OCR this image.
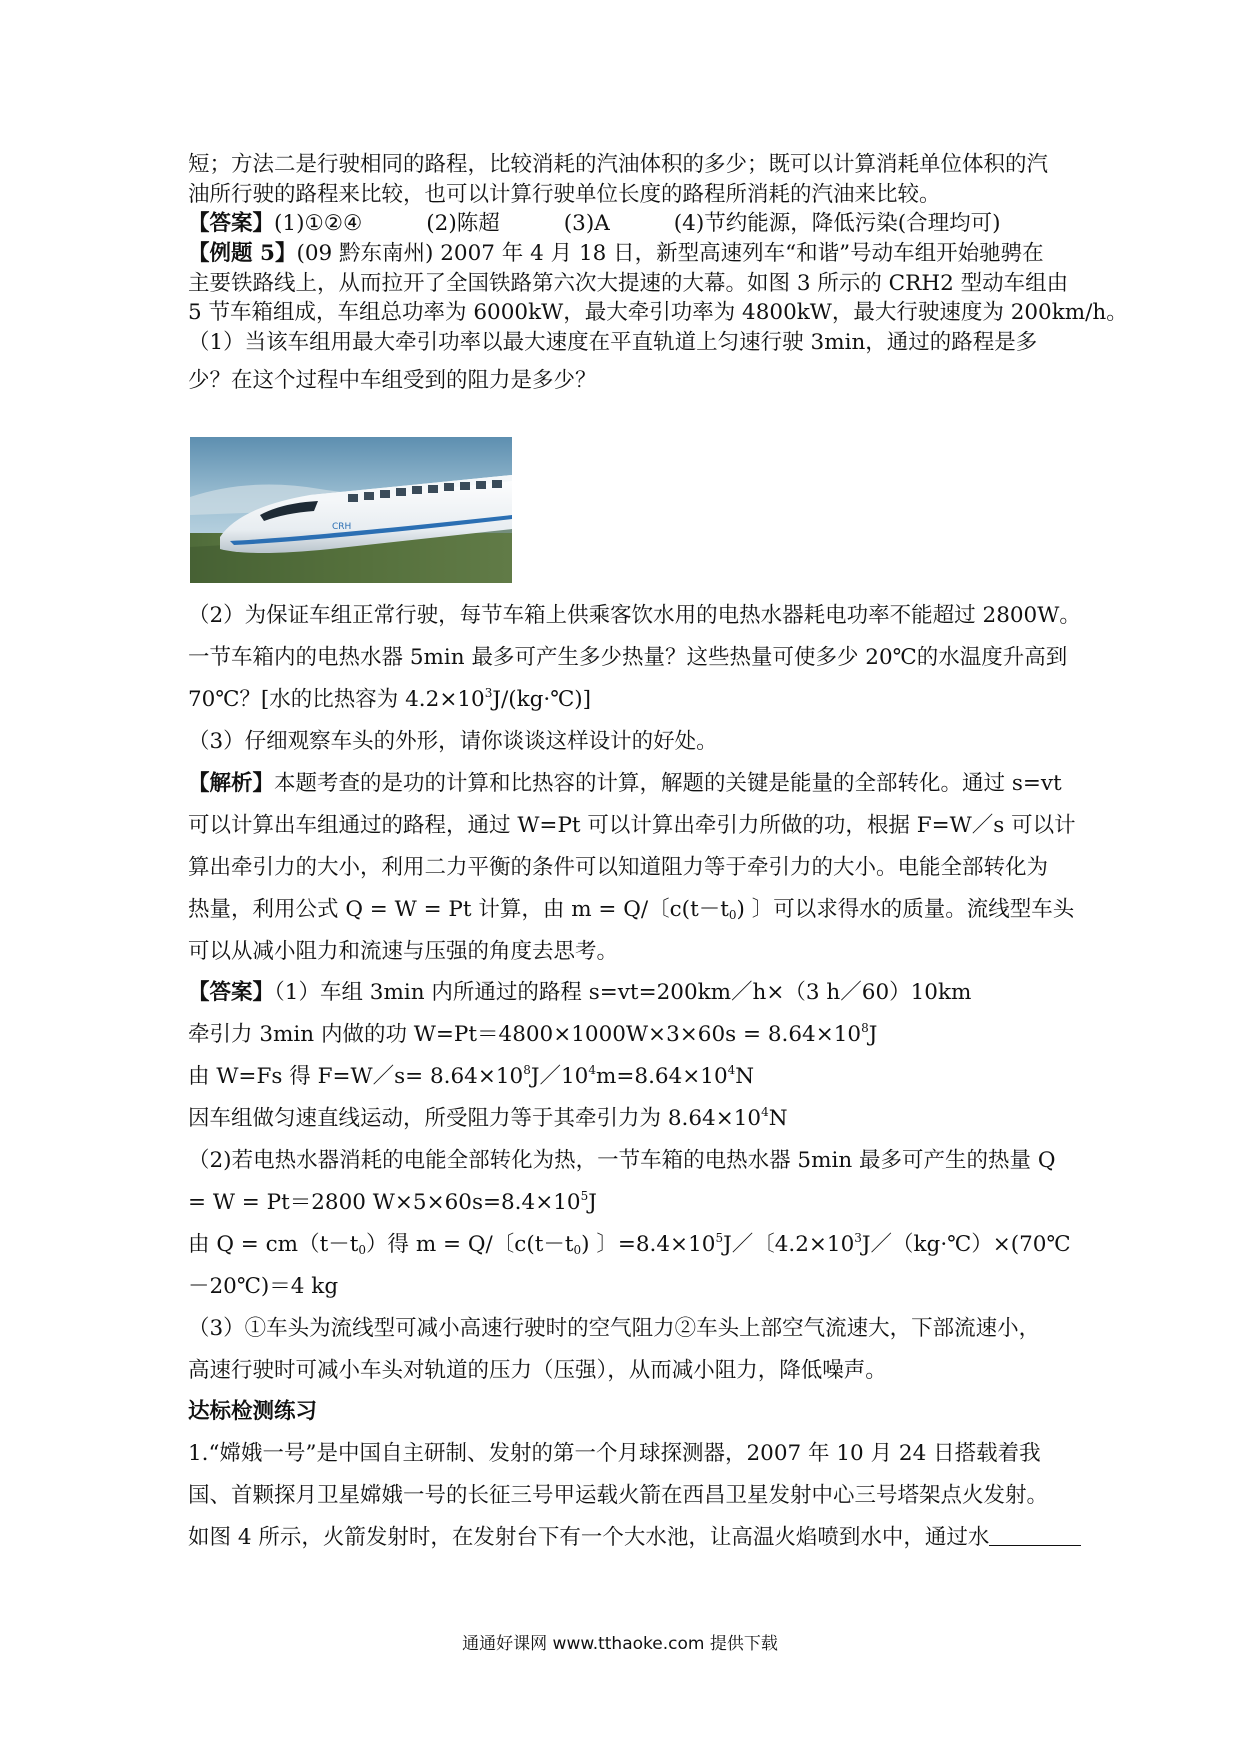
短；方法二是行驶相同的路程，比较消耗的汽油体积的多少；既可以计算消耗单位体积的汽
油所行驶的路程来比较，也可以计算行驶单位长度的路程所消耗的汽油来比较。
【答案】(1)①②④	(2)陈超	(3)A	(4)节约能源，降低污染(合理均可)
【例题 5】(09 黔东南州) 2007 年 4 月 18 日，新型高速列车“和谐”号动车组开始驰骋在
主要铁路线上，从而拉开了全国铁路第六次大提速的大幕。如图 3 所示的 CRH2 型动车组由
5 节车箱组成，车组总功率为 6000kW，最大牵引功率为 4800kW，最大行驶速度为 200km/h。
（1）当该车组用最大牵引功率以最大速度在平直轨道上匀速行驶 3min，通过的路程是多
少？在这个过程中车组受到的阻力是多少？
（2）为保证车组正常行驶，每节车箱上供乘客饮水用的电热水器耗电功率不能超过 2800W。
一节车箱内的电热水器 5min 最多可产生多少热量？这些热量可使多少 20℃的水温度升高到
70℃？[水的比热容为 $4.2\times 10^3J/(kg\cdot℃)$]
（3）仔细观察车头的外形，请你谈谈这样设计的好处。
【解析】本题考查的是功的计算和比热容的计算，解题的关键是能量的全部转化。通过 s=vt
可以计算出车组通过的路程，通过 W=Pt 可以计算出牵引力所做的功，根据 F=W／s 可以计
算出牵引力的大小，利用二力平衡的条件可以知道阻力等于牵引力的大小。电能全部转化为
热量，利用公式 Q = W = Pt 计算，由 m = Q/〔$c(t-t_0)$ 〕可以求得水的质量。流线型车头
可以从减小阻力和流速与压强的角度去思考。
【答案】（1）车组 3min 内所通过的路程 s=vt=200km／h×（3 h／60）10km
牵引力 3min 内做的功 $W=Pt=4800\times 1000W\times 3\times 60s = 8.64\times 10^8J$
由 W=Fs 得 F=W／s= $8.64\times 10^8J/10^4m=8.64\times 10^4N$
因车组做匀速直线运动，所受阻力等于其牵引力为 $8.64\times 10^4N$
（2)若电热水器消耗的电能全部转化为热，一节车箱的电热水器 5min 最多可产生的热量 Q
= W = Pt＝2800 $W\times 5\times 60s=8.4\times 10^5J$
由 $Q = cm(t-t_0)$得 m = Q/〔$c(t-t_0)$ 〕$=8.4\times 10^5J/$〔$4.2\times 10^3J/(kg\cdot℃)\times(70℃$
－20℃)＝4 kg
（3）①车头为流线型可减小高速行驶时的空气阻力②车头上部空气流速大，下部流速小，
高速行驶时可减小车头对轨道的压力（压强），从而减小阻力，降低噪声。
达标检测练习
1.“嫦娥一号”是中国自主研制、发射的第一个月球探测器，2007 年 10 月 24 日搭载着我
国、首颗探月卫星嫦娥一号的长征三号甲运载火箭在西昌卫星发射中心三号塔架点火发射。
如图 4 所示，火箭发射时，在发射台下有一个大水池，让高温火焰喷到水中，通过水
CRH
通通好课网 www.tthaoke.com 提供下载
